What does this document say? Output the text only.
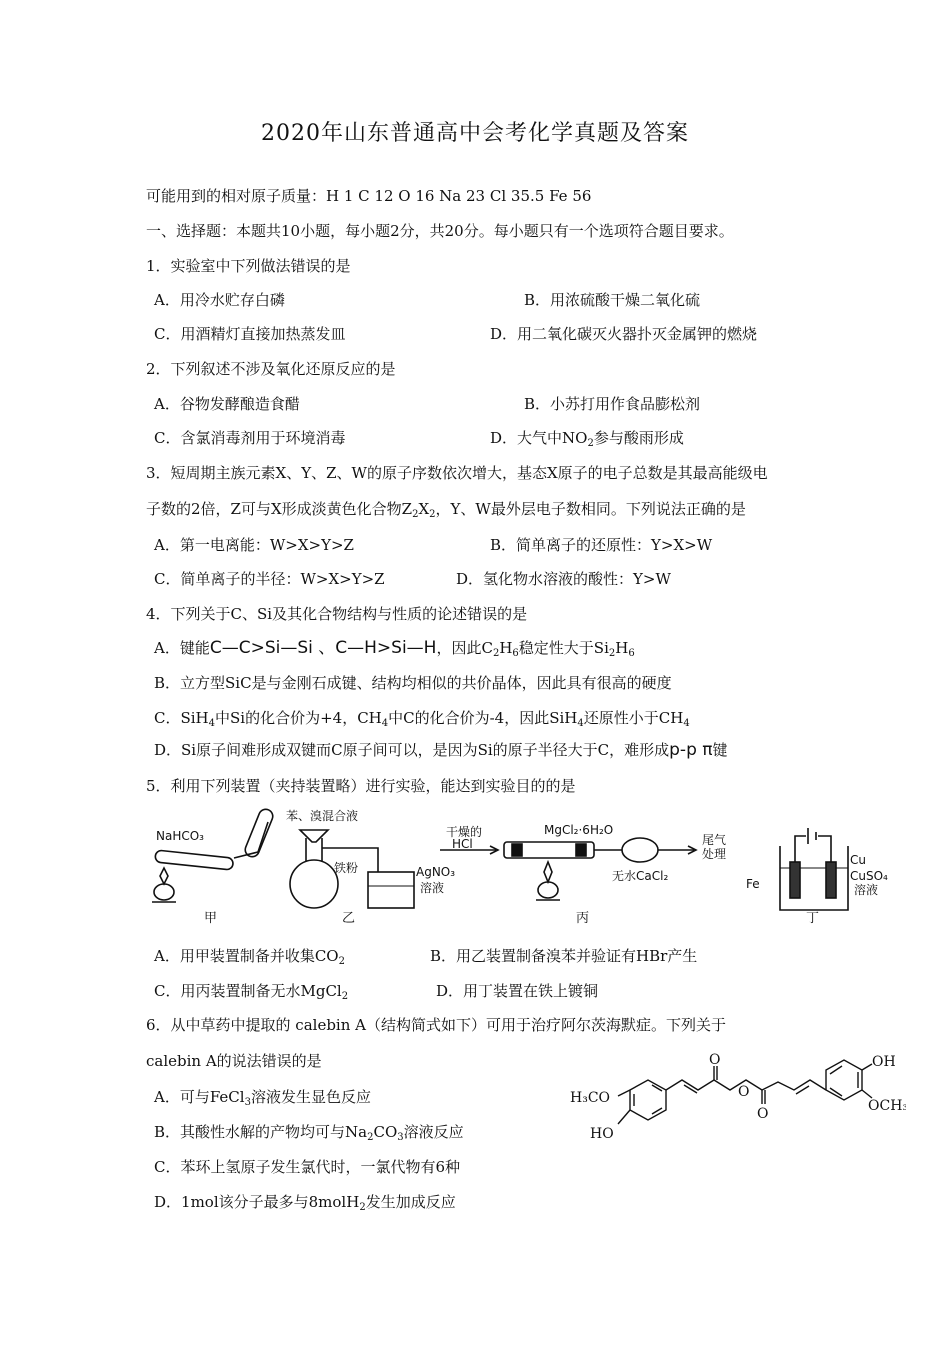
2020年山东普通高中会考化学真题及答案
可能用到的相对原子质量：H 1 C 12 O 16 Na 23 Cl 35.5 Fe 56
一、选择题：本题共10小题，每小题2分，共20分。每小题只有一个选项符合题目要求。
1．实验室中下列做法错误的是
A．用冷水贮存白磷	B．用浓硫酸干燥二氧化硫
C．用酒精灯直接加热蒸发皿	D．用二氧化碳灭火器扑灭金属钾的燃烧
2．下列叙述不涉及氧化还原反应的是
A．谷物发酵酿造食醋	B．小苏打用作食品膨松剂
C．含氯消毒剂用于环境消毒	D．大气中$NO_2$参与酸雨形成
3．短周期主族元素X、Y、Z、W的原子序数依次增大，基态X原子的电子总数是其最高能级电
子数的2倍，Z可与X形成淡黄色化合物$Z_2X_2$，Y、W最外层电子数相同。下列说法正确的是
A．第一电离能：W>X>Y>Z	B．简单离子的还原性：Y>X>W
C．简单离子的半径：W>X>Y>Z	D．氢化物水溶液的酸性：Y>W
4．下列关于C、Si及其化合物结构与性质的论述错误的是
A．键能C—C>Si—Si 、C—H>Si—H，因此$C_2H_6$稳定性大于$Si_2H_6$
B．立方型SiC是与金刚石成键、结构均相似的共价晶体，因此具有很高的硬度
C．SiH$_4$中Si的化合价为+4，$CH_4$中C的化合价为-4，因此SiH$_4$还原性小于$CH_4$
D．Si原子间难形成双键而C原子间可以，是因为Si的原子半径大于C，难形成p-p π键
5．利用下列装置（夹持装置略）进行实验，能达到实验目的的是
NaHCO₃
苯、溴混合液
铁粉	AgNO₃
溶液
干燥的
HCl
MgCl₂·6H₂O
尾气
处理
无水CaCl₂
Cu
Fe
CuSO₄
溶液
甲	乙	丙	丁
A．用甲装置制备并收集$CO_2$	B．用乙装置制备溴苯并验证有HBr产生
C．用丙装置制备无水MgCl$_2$	D．用丁装置在铁上镀铜
6．从中草药中提取的 calebin A（结构简式如下）可用于治疗阿尔茨海默症。下列关于
calebin A的说法错误的是
A．可与FeCl$_3$溶液发生显色反应
B．其酸性水解的产物均可与$Na_2CO_3$溶液反应
C．苯环上氢原子发生氯代时，一氯代物有6种
D．1mol该分子最多与8molH$_2$发生加成反应
H₃CO
HO
O
O
O
OH
OCH₃
